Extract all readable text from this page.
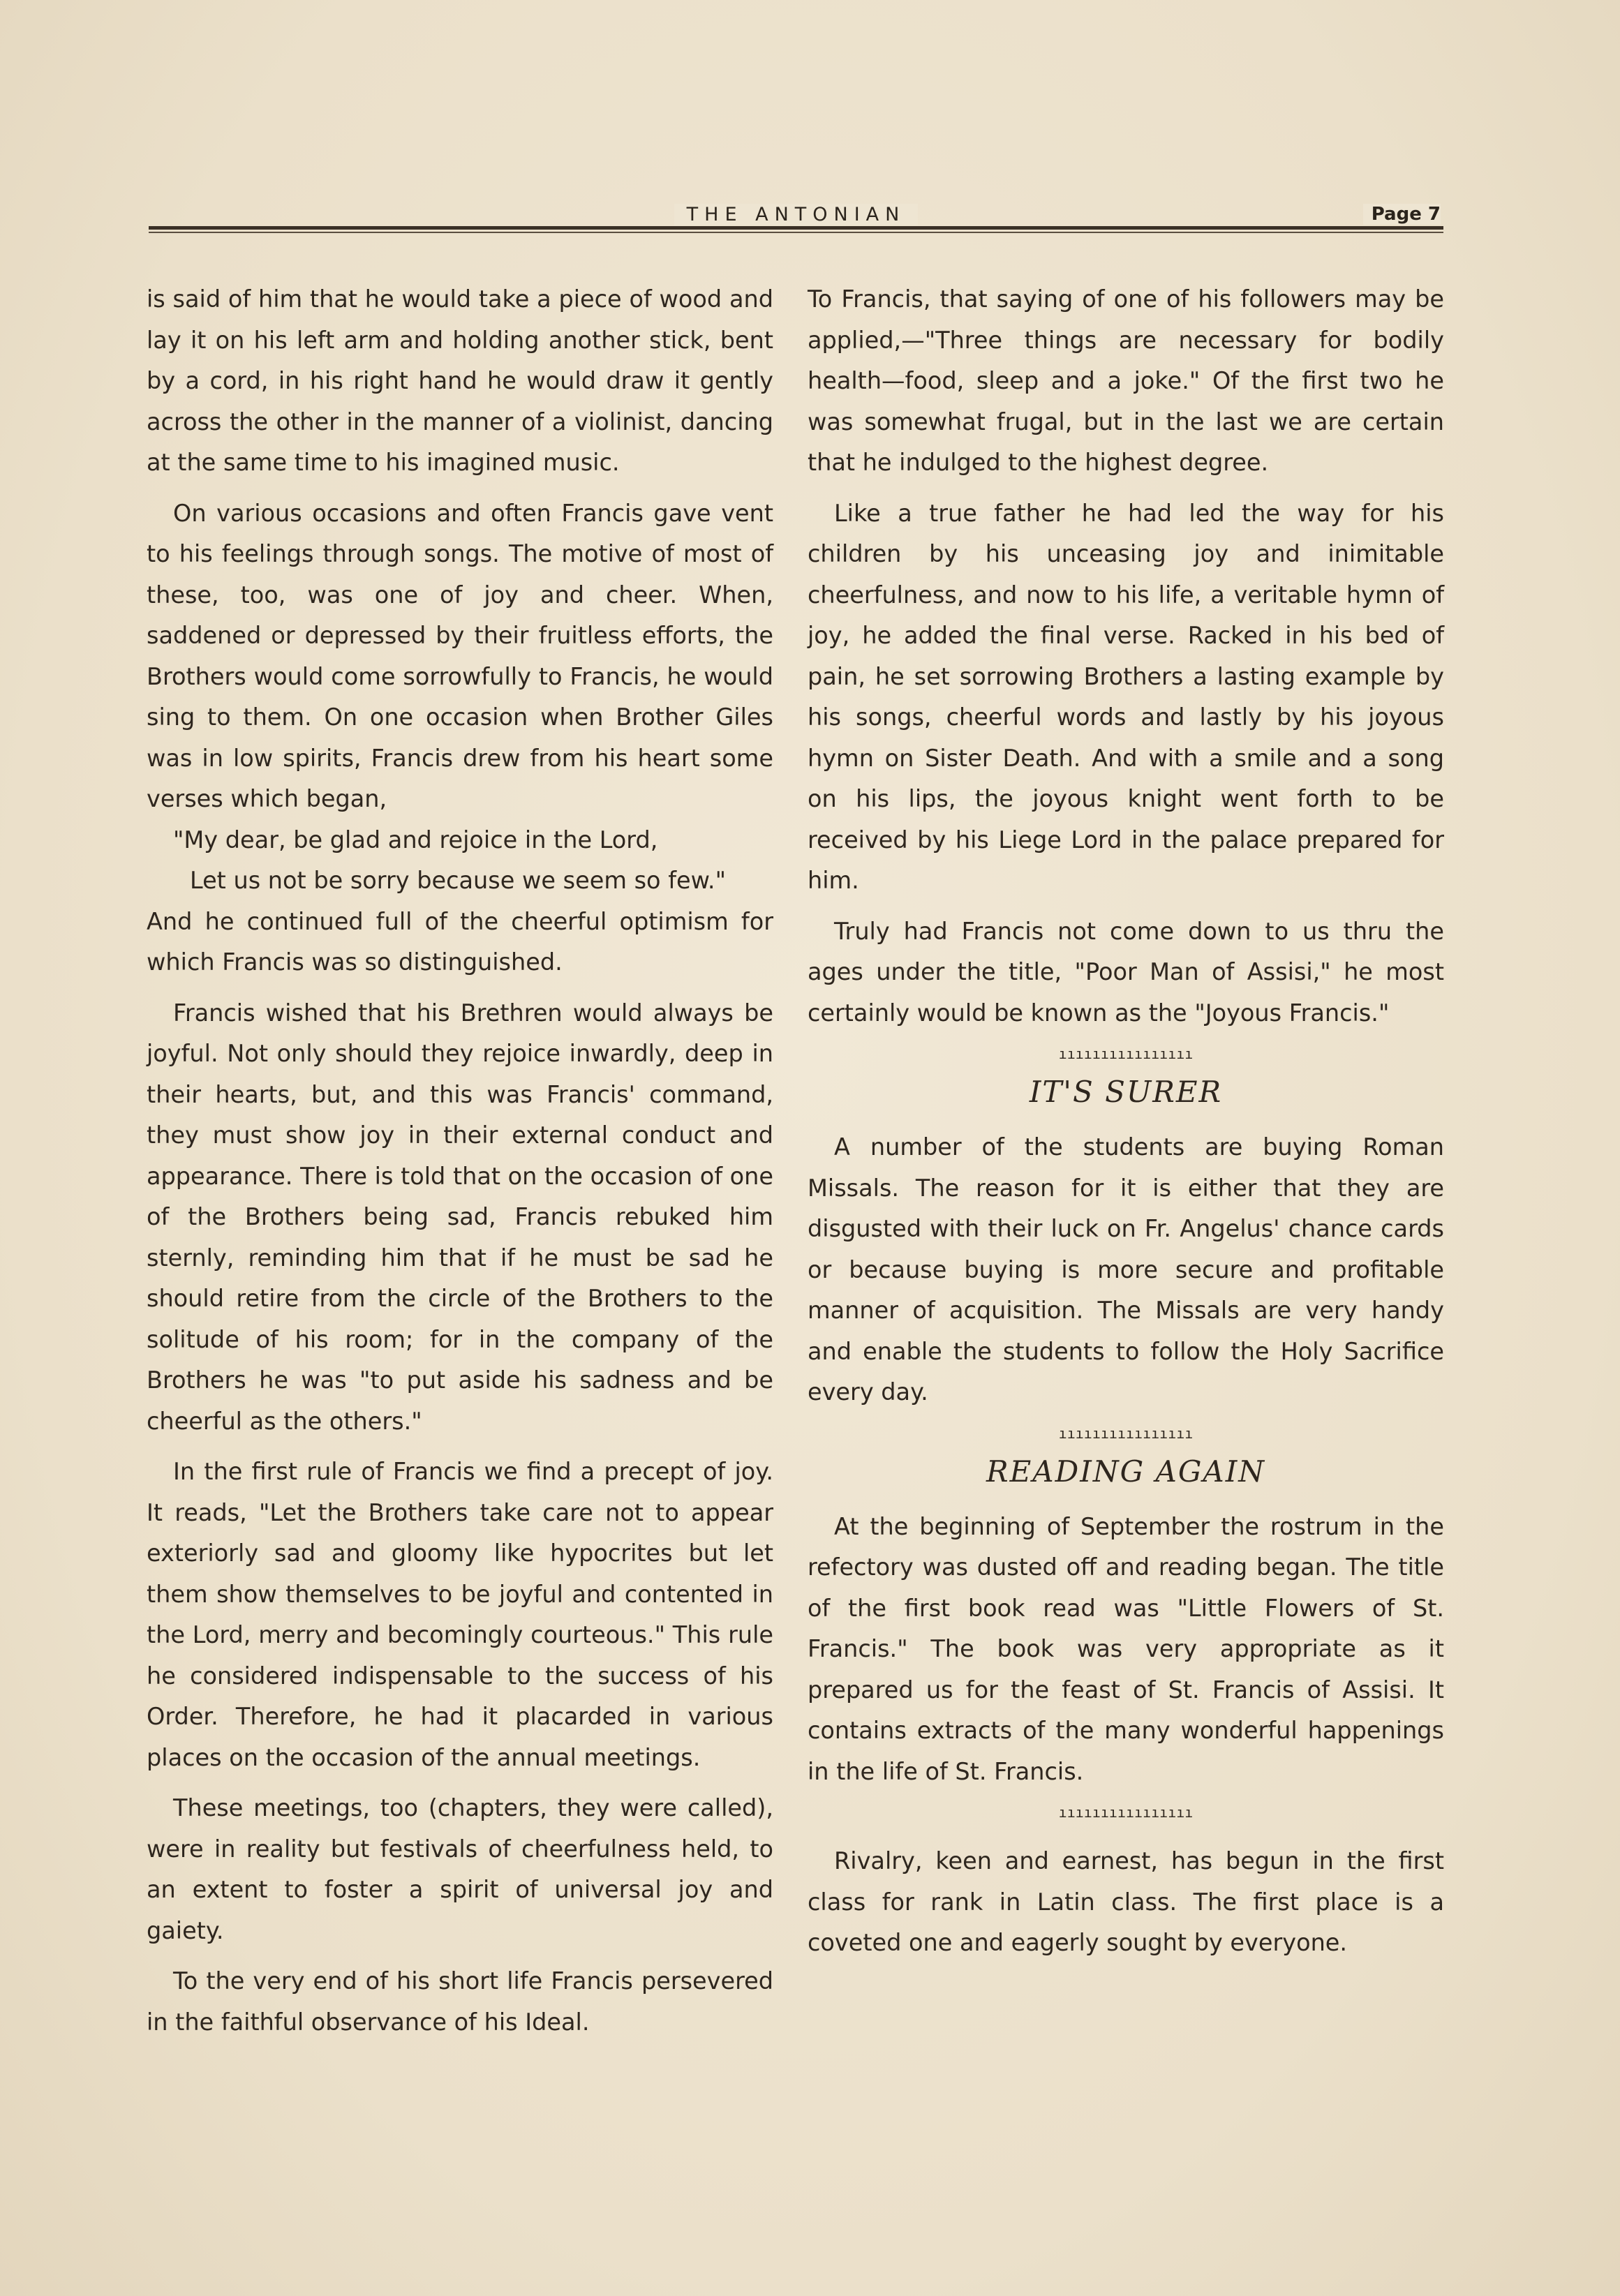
THE ANTONIAN	Page 7

is said of him that he would take a piece of wood and lay it on his left arm and holding another stick, bent by a cord, in his right hand he would draw it gently across the other in the manner of a violinist, dancing at the same time to his imagined music.

On various occasions and often Francis gave vent to his feelings through songs. The motive of most of these, too, was one of joy and cheer. When, saddened or depressed by their fruitless efforts, the Brothers would come sorrowfully to Francis, he would sing to them. On one occasion when Brother Giles was in low spirits, Francis drew from his heart some verses which began,

"My dear, be glad and rejoice in the Lord,

Let us not be sorry because we seem so few."

And he continued full of the cheerful optimism for which Francis was so distinguished.

Francis wished that his Brethren would always be joyful. Not only should they rejoice inwardly, deep in their hearts, but, and this was Francis' command, they must show joy in their external conduct and appearance. There is told that on the occasion of one of the Brothers being sad, Francis rebuked him sternly, reminding him that if he must be sad he should retire from the circle of the Brothers to the solitude of his room; for in the company of the Brothers he was "to put aside his sadness and be cheerful as the others."

In the first rule of Francis we find a precept of joy. It reads, "Let the Brothers take care not to appear exteriorly sad and gloomy like hypocrites but let them show themselves to be joyful and contented in the Lord, merry and becomingly courteous." This rule he considered indispensable to the success of his Order. Therefore, he had it placarded in various places on the occasion of the annual meetings.

These meetings, too (chapters, they were called), were in reality but festivals of cheerfulness held, to an extent to foster a spirit of universal joy and gaiety.

To the very end of his short life Francis persevered in the faithful observance of his Ideal.

To Francis, that saying of one of his followers may be applied,—"Three things are necessary for bodily health—food, sleep and a joke." Of the first two he was somewhat frugal, but in the last we are certain that he indulged to the highest degree.

Like a true father he had led the way for his children by his unceasing joy and inimitable cheerfulness, and now to his life, a veritable hymn of joy, he added the final verse. Racked in his bed of pain, he set sorrowing Brothers a lasting example by his songs, cheerful words and lastly by his joyous hymn on Sister Death. And with a smile and a song on his lips, the joyous knight went forth to be received by his Liege Lord in the palace prepared for him.

Truly had Francis not come down to us thru the ages under the title, "Poor Man of Assisi," he most certainly would be known as the "Joyous Francis."

ıııııııııııııııı
IT'S SURER

A number of the students are buying Roman Missals. The reason for it is either that they are disgusted with their luck on Fr. Angelus' chance cards or because buying is more secure and profitable manner of acquisition. The Missals are very handy and enable the students to follow the Holy Sacrifice every day.

ıııııııııııııııı
READING AGAIN

At the beginning of September the rostrum in the refectory was dusted off and reading began. The title of the first book read was "Little Flowers of St. Francis." The book was very appropriate as it prepared us for the feast of St. Francis of Assisi. It contains extracts of the many wonderful happenings in the life of St. Francis.

ıııııııııııııııı

Rivalry, keen and earnest, has begun in the first class for rank in Latin class. The first place is a coveted one and eagerly sought by everyone.
